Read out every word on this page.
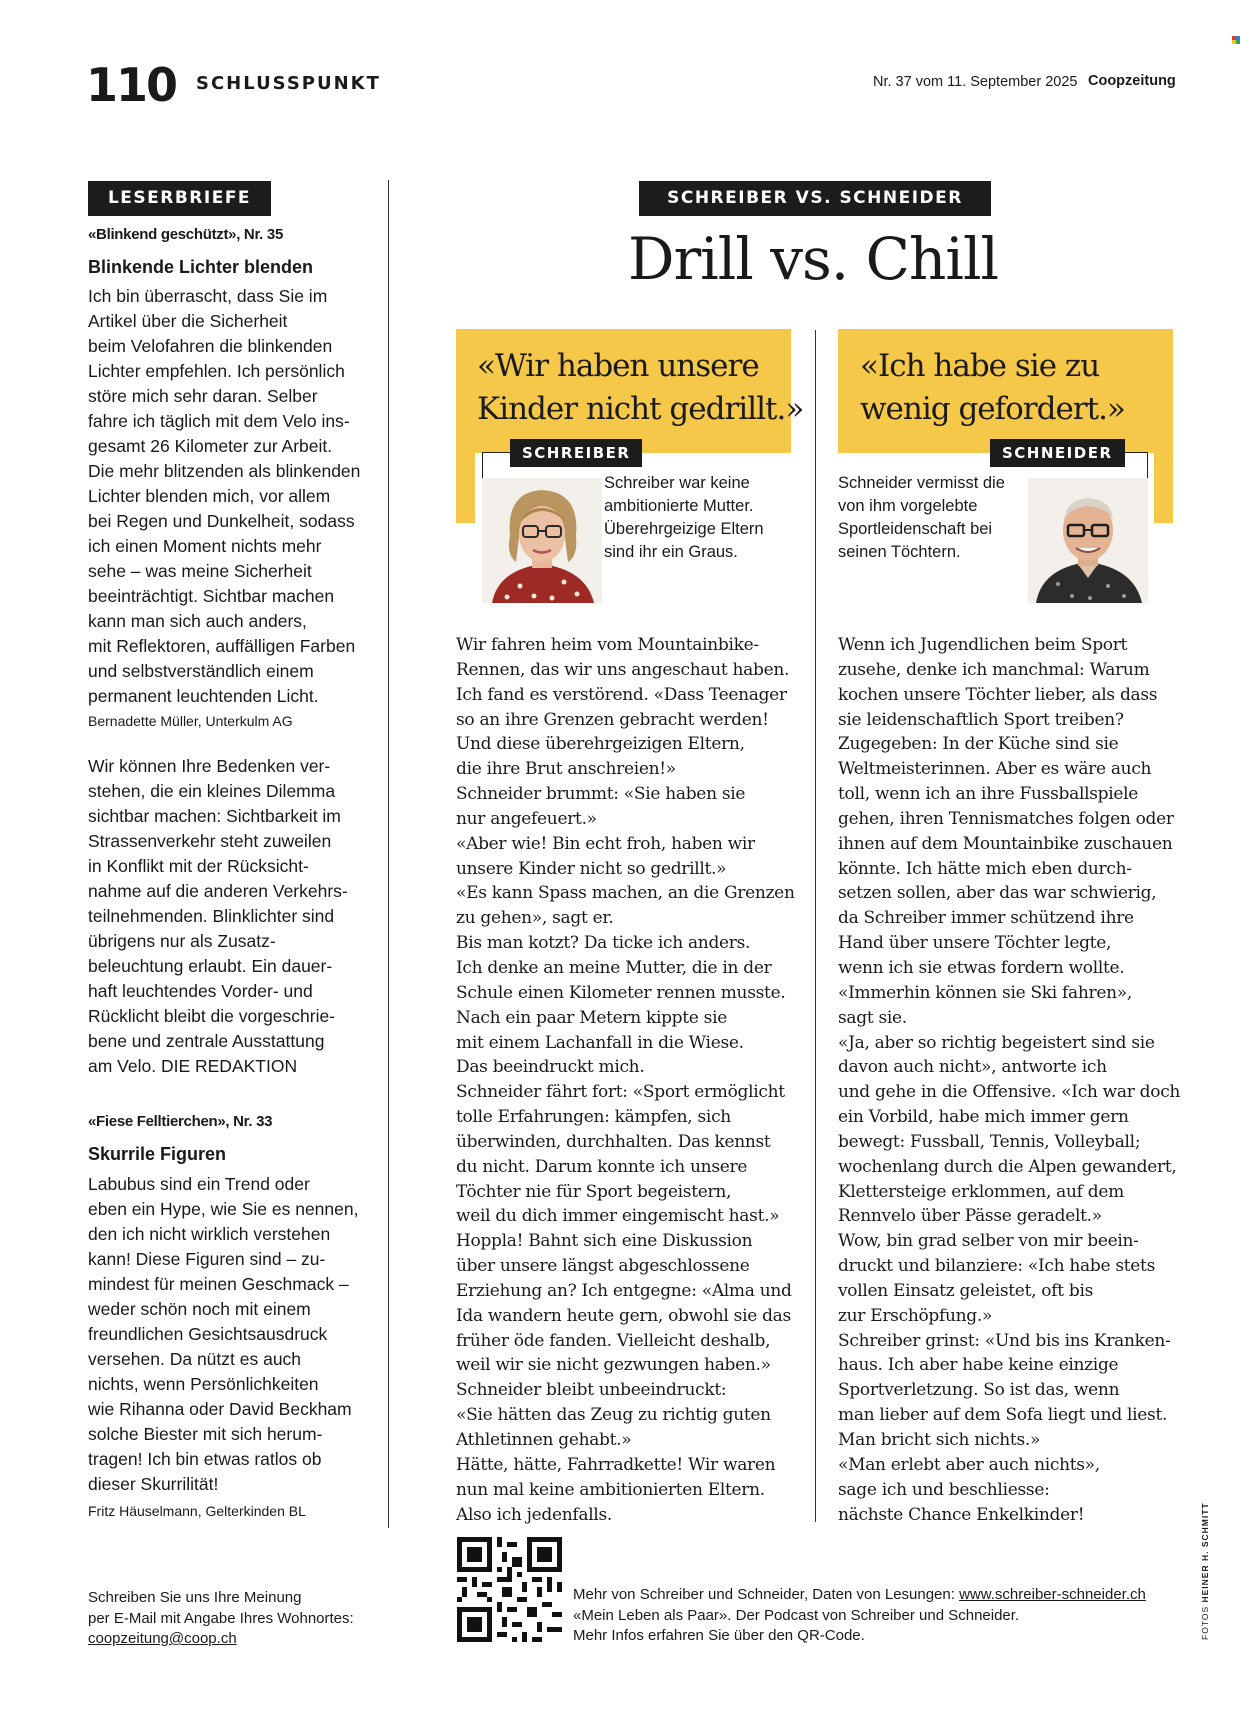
110 SCHLUSSPUNKT	Nr. 37 vom 11. September 2025 Coopzeitung
LESERBRIEFE
«Blinkend geschützt», Nr. 35
Blinkende Lichter blenden
Ich bin überrascht, dass Sie im
Artikel über die Sicherheit
beim Velofahren die blinkenden
Lichter empfehlen. Ich persönlich
störe mich sehr daran. Selber
fahre ich täglich mit dem Velo ins-
gesamt 26 Kilometer zur Arbeit.
Die mehr blitzenden als blinkenden
Lichter blenden mich, vor allem
bei Regen und Dunkelheit, sodass
ich einen Moment nichts mehr
sehe – was meine Sicherheit
beeinträchtigt. Sichtbar machen
kann man sich auch anders,
mit Reflektoren, auffälligen Farben
und selbstverständlich einem
permanent leuchtenden Licht.
Bernadette Müller, Unterkulm AG
Wir können Ihre Bedenken ver-
stehen, die ein kleines Dilemma
sichtbar machen: Sichtbarkeit im
Strassenverkehr steht zuweilen
in Konflikt mit der Rücksicht-
nahme auf die anderen Verkehrs-
teilnehmenden. Blinklichter sind
übrigens nur als Zusatz-
beleuchtung erlaubt. Ein dauer-
haft leuchtendes Vorder- und
Rücklicht bleibt die vorgeschrie-
bene und zentrale Ausstattung
am Velo. DIE REDAKTION
«Fiese Felltierchen», Nr. 33
Skurrile Figuren
Labubus sind ein Trend oder
eben ein Hype, wie Sie es nennen,
den ich nicht wirklich verstehen
kann! Diese Figuren sind – zu-
mindest für meinen Geschmack –
weder schön noch mit einem
freundlichen Gesichtsausdruck
versehen. Da nützt es auch
nichts, wenn Persönlichkeiten
wie Rihanna oder David Beckham
solche Biester mit sich herum-
tragen! Ich bin etwas ratlos ob
dieser Skurrilität!
Fritz Häuselmann, Gelterkinden BL
Schreiben Sie uns Ihre Meinung
per E-Mail mit Angabe Ihres Wohnortes:
coopzeitung@coop.ch
SCHREIBER VS. SCHNEIDER
Drill vs. Chill
«Wir haben unsere
Kinder nicht gedrillt.»
SCHREIBER
Schreiber war keine
ambitionierte Mutter.
Überehrgeizige Eltern
sind ihr ein Graus.
«Ich habe sie zu
wenig gefordert.»
SCHNEIDER
Schneider vermisst die
von ihm vorgelebte
Sportleidenschaft bei
seinen Töchtern.

Wir fahren heim vom Mountainbike-

Rennen, das wir uns angeschaut haben.

Ich fand es verstörend. «Dass Teenager

so an ihre Grenzen gebracht werden!

Und diese überehrgeizigen Eltern,

die ihre Brut anschreien!»

Schneider brummt: «Sie haben sie

nur angefeuert.»

«Aber wie! Bin echt froh, haben wir

unsere Kinder nicht so gedrillt.»

«Es kann Spass machen, an die Grenzen

zu gehen», sagt er.

Bis man kotzt? Da ticke ich anders.

Ich denke an meine Mutter, die in der

Schule einen Kilometer rennen musste.

Nach ein paar Metern kippte sie

mit einem Lachanfall in die Wiese.

Das beeindruckt mich.

Schneider fährt fort: «Sport ermöglicht

tolle Erfahrungen: kämpfen, sich

überwinden, durchhalten. Das kennst

du nicht. Darum konnte ich unsere

Töchter nie für Sport begeistern,

weil du dich immer eingemischt hast.»

Hoppla! Bahnt sich eine Diskussion

über unsere längst abgeschlossene

Erziehung an? Ich entgegne: «Alma und

Ida wandern heute gern, obwohl sie das

früher öde fanden. Vielleicht deshalb,

weil wir sie nicht gezwungen haben.»

Schneider bleibt unbeeindruckt:

«Sie hätten das Zeug zu richtig guten

Athletinnen gehabt.»

Hätte, hätte, Fahrradkette! Wir waren

nun mal keine ambitionierten Eltern.

Also ich jedenfalls.

Wenn ich Jugendlichen beim Sport

zusehe, denke ich manchmal: Warum

kochen unsere Töchter lieber, als dass

sie leidenschaftlich Sport treiben?

Zugegeben: In der Küche sind sie

Weltmeisterinnen. Aber es wäre auch

toll, wenn ich an ihre Fussballspiele

gehen, ihren Tennismatches folgen oder

ihnen auf dem Mountainbike zuschauen

könnte. Ich hätte mich eben durch-

setzen sollen, aber das war schwierig,

da Schreiber immer schützend ihre

Hand über unsere Töchter legte,

wenn ich sie etwas fordern wollte.

«Immerhin können sie Ski fahren»,

sagt sie.

«Ja, aber so richtig begeistert sind sie

davon auch nicht», antworte ich

und gehe in die Offensive. «Ich war doch

ein Vorbild, habe mich immer gern

bewegt: Fussball, Tennis, Volleyball;

wochenlang durch die Alpen gewandert,

Klettersteige erklommen, auf dem

Rennvelo über Pässe geradelt.»

Wow, bin grad selber von mir beein-

druckt und bilanziere: «Ich habe stets

vollen Einsatz geleistet, oft bis

zur Erschöpfung.»

Schreiber grinst: «Und bis ins Kranken-

haus. Ich aber habe keine einzige

Sportverletzung. So ist das, wenn

man lieber auf dem Sofa liegt und liest.

Man bricht sich nichts.»

«Man erlebt aber auch nichts»,

sage ich und beschliesse:

nächste Chance Enkelkinder!

Mehr von Schreiber und Schneider, Daten von Lesungen: www.schreiber-schneider.ch
«Mein Leben als Paar». Der Podcast von Schreiber und Schneider.
Mehr Infos erfahren Sie über den QR-Code.	FOTOS HEINER H. SCHMITT
